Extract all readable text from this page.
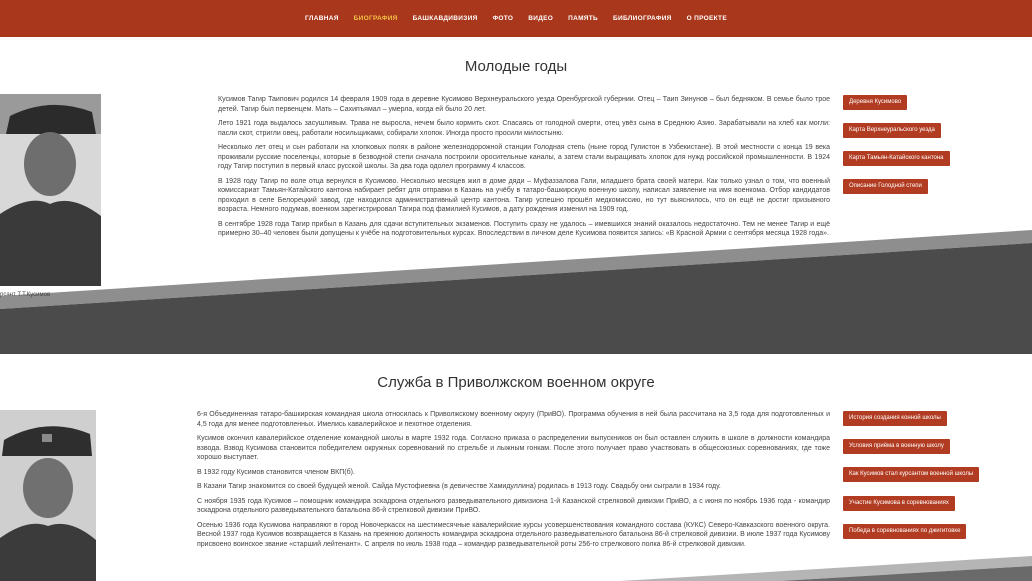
ГЛАВНАЯ БИОГРАФИЯ БАШКАВДИВИЗИЯ ФОТО ВИДЕО ПАМЯТЬ БИБЛИОГРАФИЯ О ПРОЕКТЕ
Молодые годы
рсант Т.Т.Кусимов

Кусимов Тагир Таипович родился 14 февраля 1909 года в деревне Кусимово Верхнеуральского уезда Оренбургской губернии. Отец – Таип Зинунов – был бедняком. В семье было трое детей. Тагир был первенцем. Мать – Сахипъямал – умерла, когда ей было 20 лет.

Лето 1921 года выдалось засушливым. Трава не выросла, нечем было кормить скот. Спасаясь от голодной смерти, отец увёз сына в Среднюю Азию. Зарабатывали на хлеб как могли: пасли скот, стригли овец, работали носильщиками, собирали хлопок. Иногда просто просили милостыню.

Несколько лет отец и сын работали на хлопковых полях в районе железнодорожной станции Голодная степь (ныне город Гулистон в Узбекистане). В этой местности с конца 19 века проживали русские поселенцы, которые в безводной степи сначала построили оросительные каналы, а затем стали выращивать хлопок для нужд российской промышленности. В 1924 году Тагир поступил в первый класс русской школы. За два года одолел программу 4 классов.

В 1928 году Тагир по воле отца вернулся в Кусимово. Несколько месяцев жил в доме дяди – Муфаззалова Гали, младшего брата своей матери. Как только узнал о том, что военный комиссариат Тамьян-Катайского кантона набирает ребят для отправки в Казань на учёбу в татаро-башкирскую военную школу, написал заявление на имя военкома. Отбор кандидатов проходил в селе Белорецкий завод, где находился административный центр кантона. Тагир успешно прошёл медкомиссию, но тут выяснилось, что он ещё не достиг призывного возраста. Немного подумав, военком зарегистрировал Тагира под фамилией Кусимов, а дату рождения изменил на 1909 год.

В сентябре 1928 года Тагир прибыл в Казань для сдачи вступительных экзаменов. Поступить сразу не удалось – имевшихся знаний оказалось недостаточно. Тем не менее Тагир и ещё примерно 30–40 человек были допущены к учёбе на подготовительных курсах. Впоследствии в личном деле Кусимова появится запись: «В Красной Армии с сентября месяца 1928 года».

Деревня Кусимово
Карта Верхнеуральского уезда
Карта Тамьян-Катайского кантона
Описание Голодной степи
Служба в Приволжском военном округе

6-я Объединенная татаро-башкирская командная школа относилась к Приволжскому военному округу (ПриВО). Программа обучения в ней была рассчитана на 3,5 года для подготовленных и 4,5 года для менее подготовленных. Имелись кавалерийское и пехотное отделения.

Кусимов окончил кавалерийское отделение командной школы в марте 1932 года. Согласно приказа о распределении выпускников он был оставлен служить в школе в должности командира взвода. Взвод Кусимова становится победителем окружных соревнований по стрельбе и лыжным гонкам. После этого получает право участвовать в общесоюзных соревнованиях, где тоже хорошо выступает.

В 1932 году Кусимов становится членом ВКП(б).

В Казани Тагир знакомится со своей будущей женой. Сайда Мустофиевна (в девичестве Хамидуллина) родилась в 1913 году. Свадьбу они сыграли в 1934 году.

С ноября 1935 года Кусимов – помощник командира эскадрона отдельного разведывательного дивизиона 1-й Казанской стрелковой дивизии ПриВО, а с июня по ноябрь 1936 года - командир эскадрона отдельного разведывательного батальона 86-й стрелковой дивизии ПриВО.

Осенью 1936 года Кусимова направляют в город Новочеркасск на шестимесячные кавалерийские курсы усовершенствования командного состава (КУКС) Северо-Кавказского военного округа. Весной 1937 года Кусимов возвращается в Казань на прежнюю должность командира эскадрона отдельного разведывательного батальона 86-й стрелковой дивизии. В июле 1937 года Кусимову присвоено воинское звание «старший лейтенант». С апреля по июль 1938 года – командир разведывательной роты 256-го стрелкового полка 86-й стрелковой дивизии.

История создания конной школы
Условия приёма в военную школу
Как Кусимов стал курсантом военной школы
Участие Кусимова в соревнованиях
Победа в соревнованиях по джигитовке
